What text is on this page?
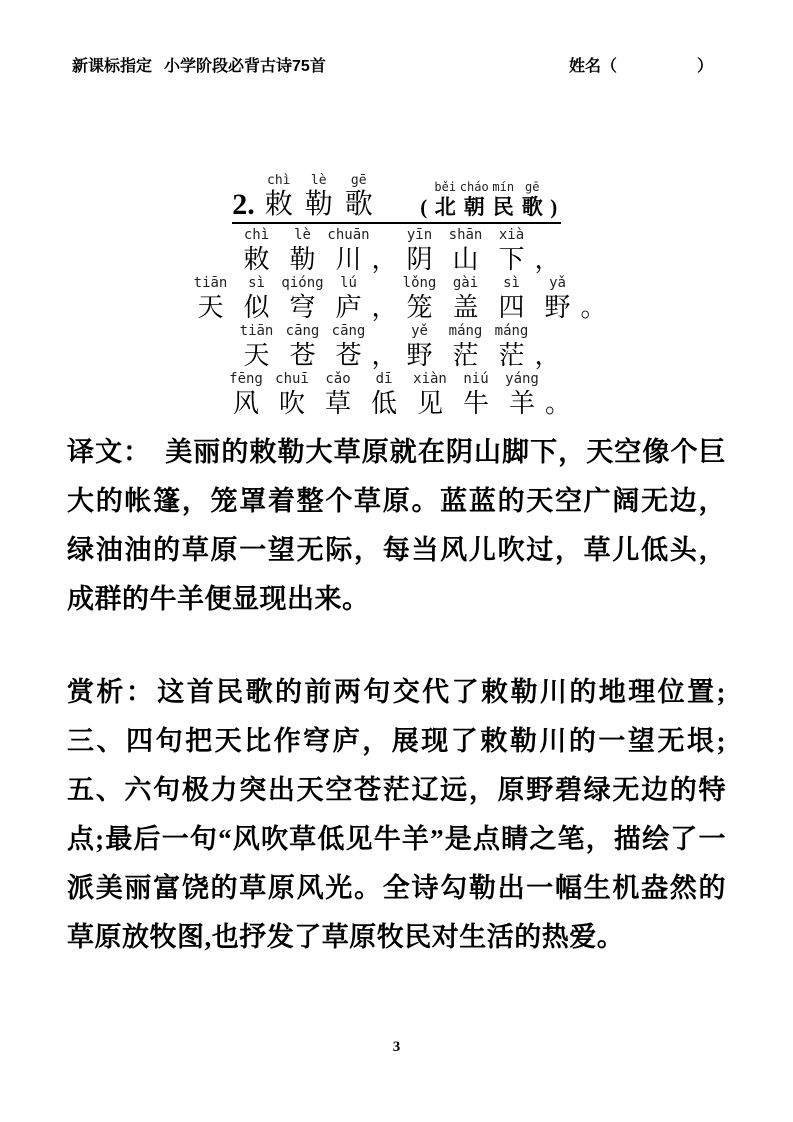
新课标指定 小学阶段必背古诗75首	姓名（　　　　　）
2.
chì
敕
lè
勒
gē
歌
(
běi
北
cháo
朝
mín
民
gē
歌
)
chì
敕
lè
勒
chuān
川
，
yīn
阴
shān
山
xià
下
，
tiān
天
sì
似
qióng
穹
lú
庐
，
lǒng
笼
gài
盖
sì
四
yǎ
野
。
tiān
天
cāng
苍
cāng
苍
，
yě
野
máng
茫
máng
茫
，
fēng
风
chuī
吹
cǎo
草
dī
低
xiàn
见
niú
牛
yáng
羊
。
译文： 美丽的敕勒大草原就在阴山脚下，天空像个巨大的帐篷，笼罩着整个草原。蓝蓝的天空广阔无边，绿油油的草原一望无际，每当风儿吹过，草儿低头，成群的牛羊便显现出来。
赏析：这首民歌的前两句交代了敕勒川的地理位置;三、四句把天比作穹庐，展现了敕勒川的一望无垠;五、六句极力突出天空苍茫辽远，原野碧绿无边的特点;最后一句“风吹草低见牛羊”是点睛之笔，描绘了一派美丽富饶的草原风光。全诗勾勒出一幅生机盎然的草原放牧图,也抒发了草原牧民对生活的热爱。
3
